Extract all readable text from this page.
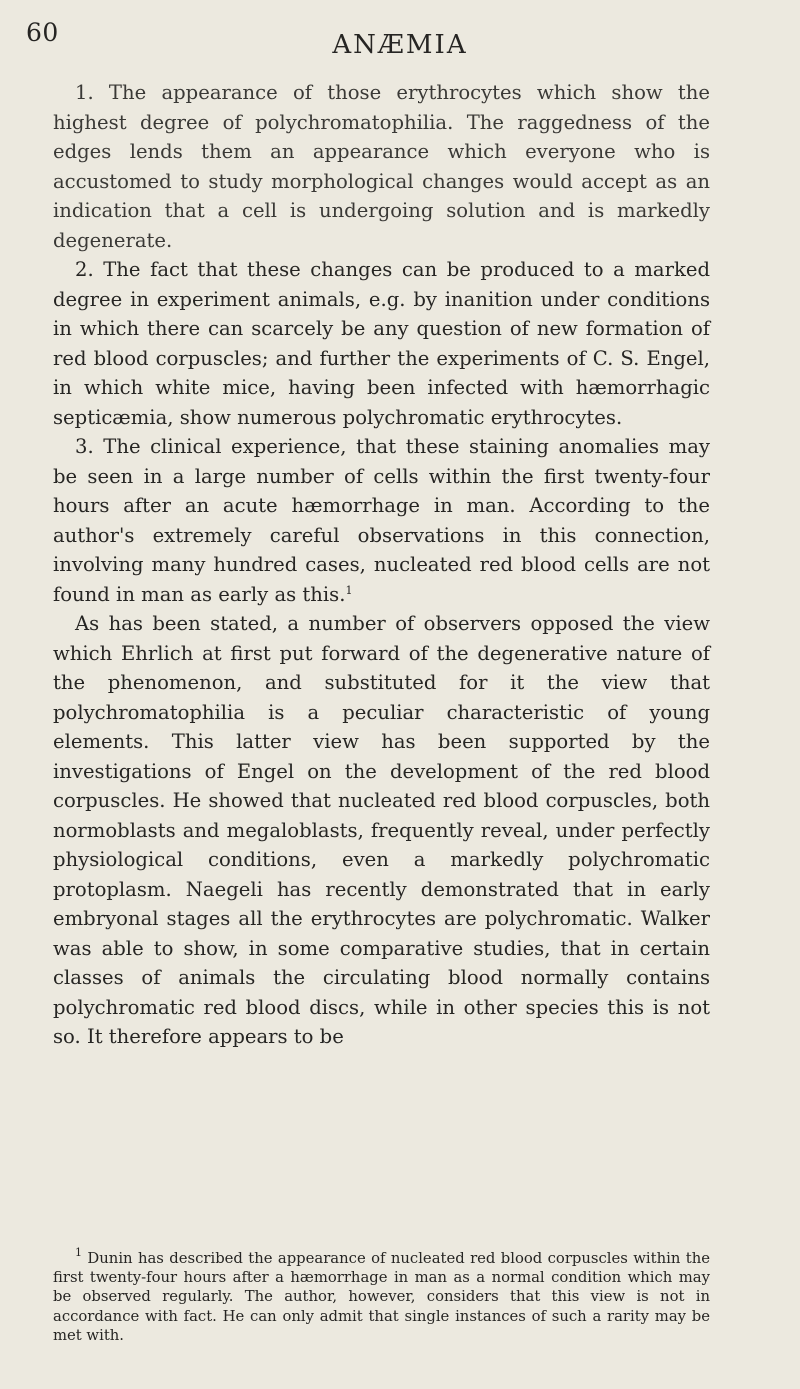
60	ANÆMIA

1. The appearance of those erythrocytes which show the highest degree of polychromatophilia. The raggedness of the edges lends them an appearance which everyone who is accustomed to study morphological changes would accept as an indication that a cell is undergoing solution and is markedly degenerate.

2. The fact that these changes can be produced to a marked degree in experiment animals, e.g. by inanition under conditions in which there can scarcely be any question of new formation of red blood corpuscles; and further the experiments of C. S. Engel, in which white mice, having been infected with hæmorrhagic septicæmia, show numerous polychromatic erythrocytes.

3. The clinical experience, that these staining anomalies may be seen in a large number of cells within the first twenty-four hours after an acute hæmorrhage in man. According to the author's extremely careful observations in this connection, involving many hundred cases, nucleated red blood cells are not found in man as early as this.$^1$

As has been stated, a number of observers opposed the view which Ehrlich at first put forward of the degenerative nature of the phenomenon, and substituted for it the view that polychromatophilia is a peculiar characteristic of young elements. This latter view has been supported by the investigations of Engel on the development of the red blood corpuscles. He showed that nucleated red blood corpuscles, both normoblasts and megaloblasts, frequently reveal, under perfectly physiological conditions, even a markedly polychromatic protoplasm. Naegeli has recently demonstrated that in early embryonal stages all the erythrocytes are polychromatic. Walker was able to show, in some comparative studies, that in certain classes of animals the circulating blood normally contains polychromatic red blood discs, while in other species this is not so. It therefore appears to be

$^1$ Dunin has described the appearance of nucleated red blood corpuscles within the first twenty-four hours after a hæmorrhage in man as a normal condition which may be observed regularly. The author, however, considers that this view is not in accordance with fact. He can only admit that single instances of such a rarity may be met with.
